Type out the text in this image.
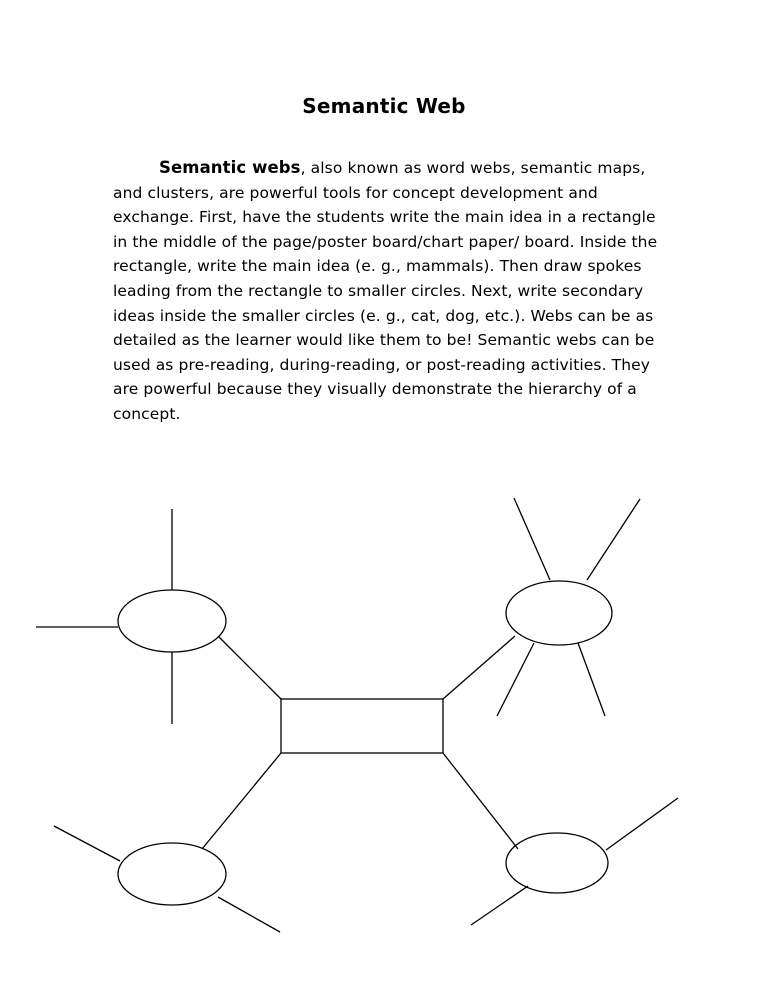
Semantic Web
Semantic webs, also known as word webs, semantic maps, and clusters, are powerful tools for concept development and exchange. First, have the students write the main idea in a rectangle in the middle of the page/poster board/chart paper/ board. Inside the rectangle, write the main idea (e. g., mammals). Then draw spokes leading from the rectangle to smaller circles. Next, write secondary ideas inside the smaller circles (e. g., cat, dog, etc.). Webs can be as detailed as the learner would like them to be! Semantic webs can be used as pre-reading, during-reading, or post-reading activities. They are powerful because they visually demonstrate the hierarchy of a concept.
